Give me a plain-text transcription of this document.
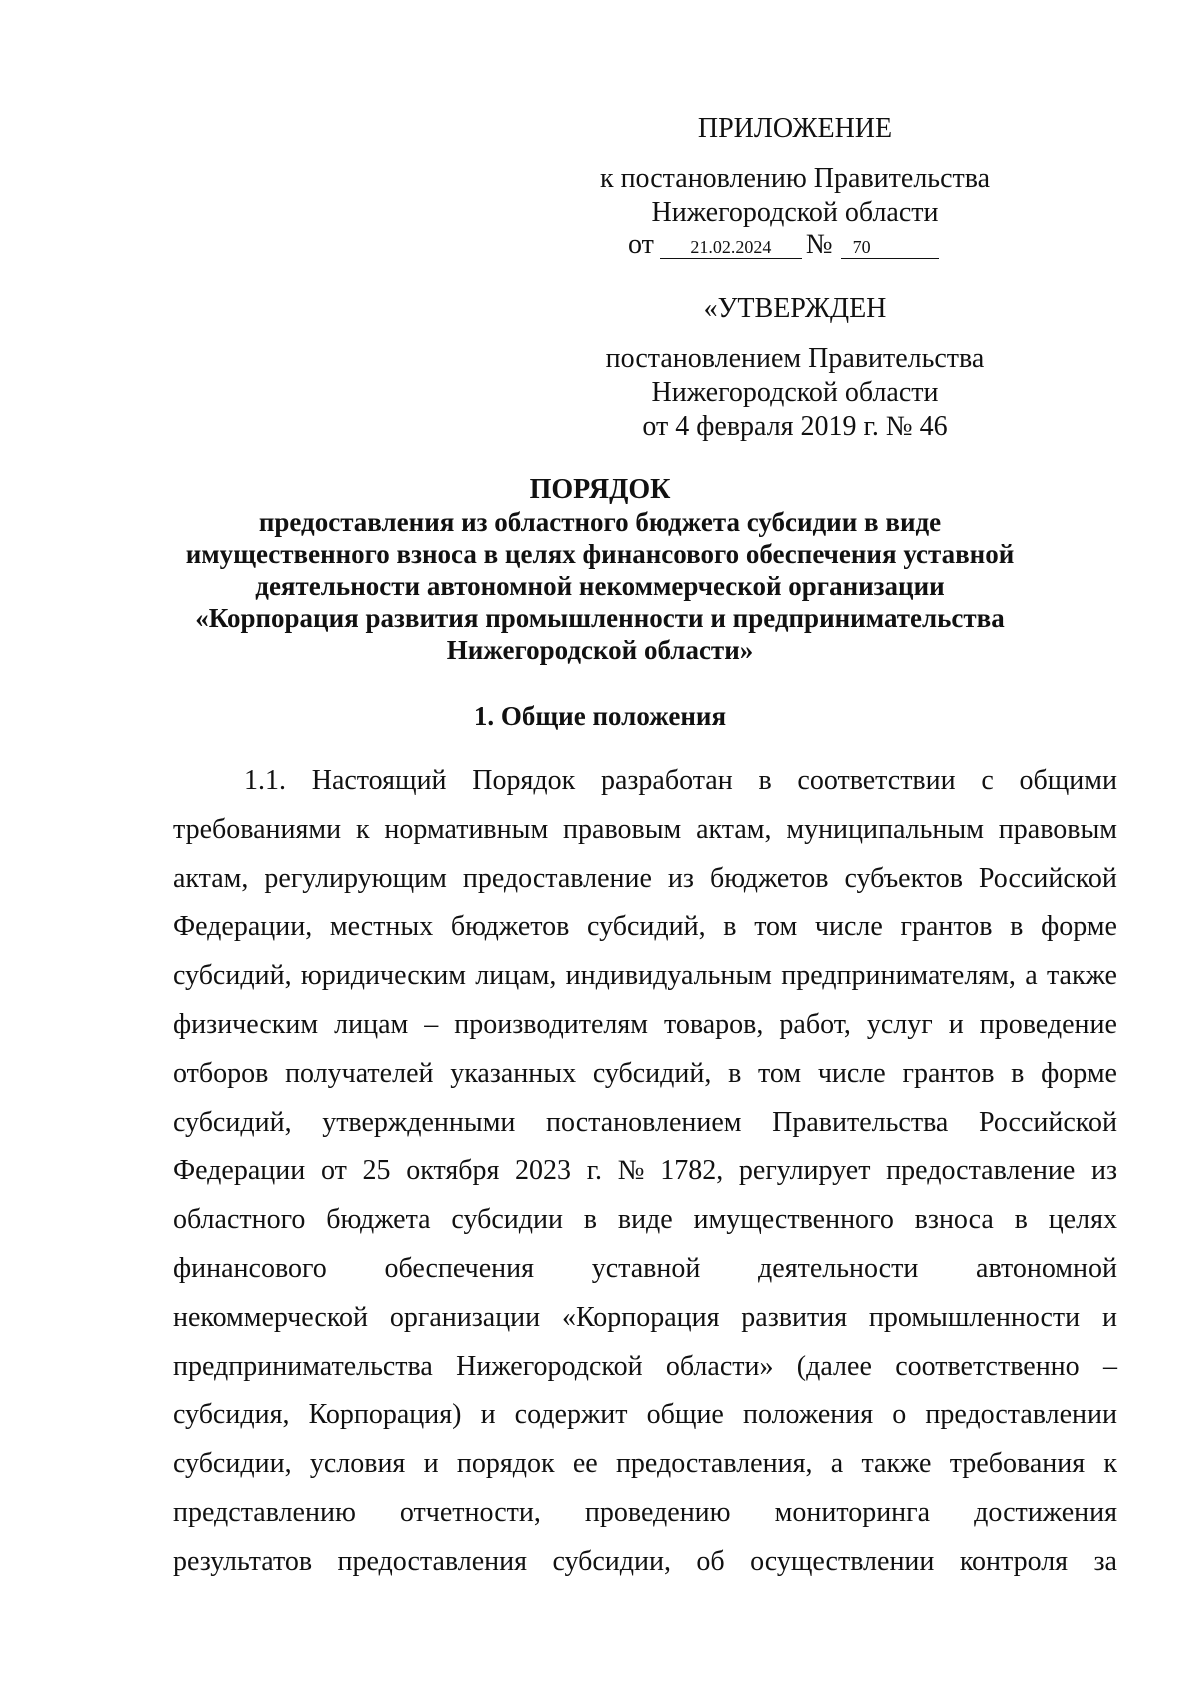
ПРИЛОЖЕНИЕ
к постановлению Правительства
Нижегородской области
от 21.02.2024 № 70
«УТВЕРЖДЕН
постановлением Правительства
Нижегородской области
от 4 февраля 2019 г. № 46
ПОРЯДОК
предоставления из областного бюджета субсидии в виде
имущественного взноса в целях финансового обеспечения уставной
деятельности автономной некоммерческой организации
«Корпорация развития промышленности и предпринимательства
Нижегородской области»
1. Общие положения
1.1. Настоящий Порядок разработан в соответствии с общими
требованиями к нормативным правовым актам, муниципальным правовым
актам, регулирующим предоставление из бюджетов субъектов Российской
Федерации, местных бюджетов субсидий, в том числе грантов в форме
субсидий, юридическим лицам, индивидуальным предпринимателям, а также
физическим лицам – производителям товаров, работ, услуг и проведение
отборов получателей указанных субсидий, в том числе грантов в форме
субсидий, утвержденными постановлением Правительства Российской
Федерации от 25 октября 2023 г. № 1782, регулирует предоставление из
областного бюджета субсидии в виде имущественного взноса в целях
финансового обеспечения уставной деятельности автономной
некоммерческой организации «Корпорация развития промышленности и
предпринимательства Нижегородской области» (далее соответственно –
субсидия, Корпорация) и содержит общие положения о предоставлении
субсидии, условия и порядок ее предоставления, а также требования к
представлению отчетности, проведению мониторинга достижения
результатов предоставления субсидии, об осуществлении контроля за
